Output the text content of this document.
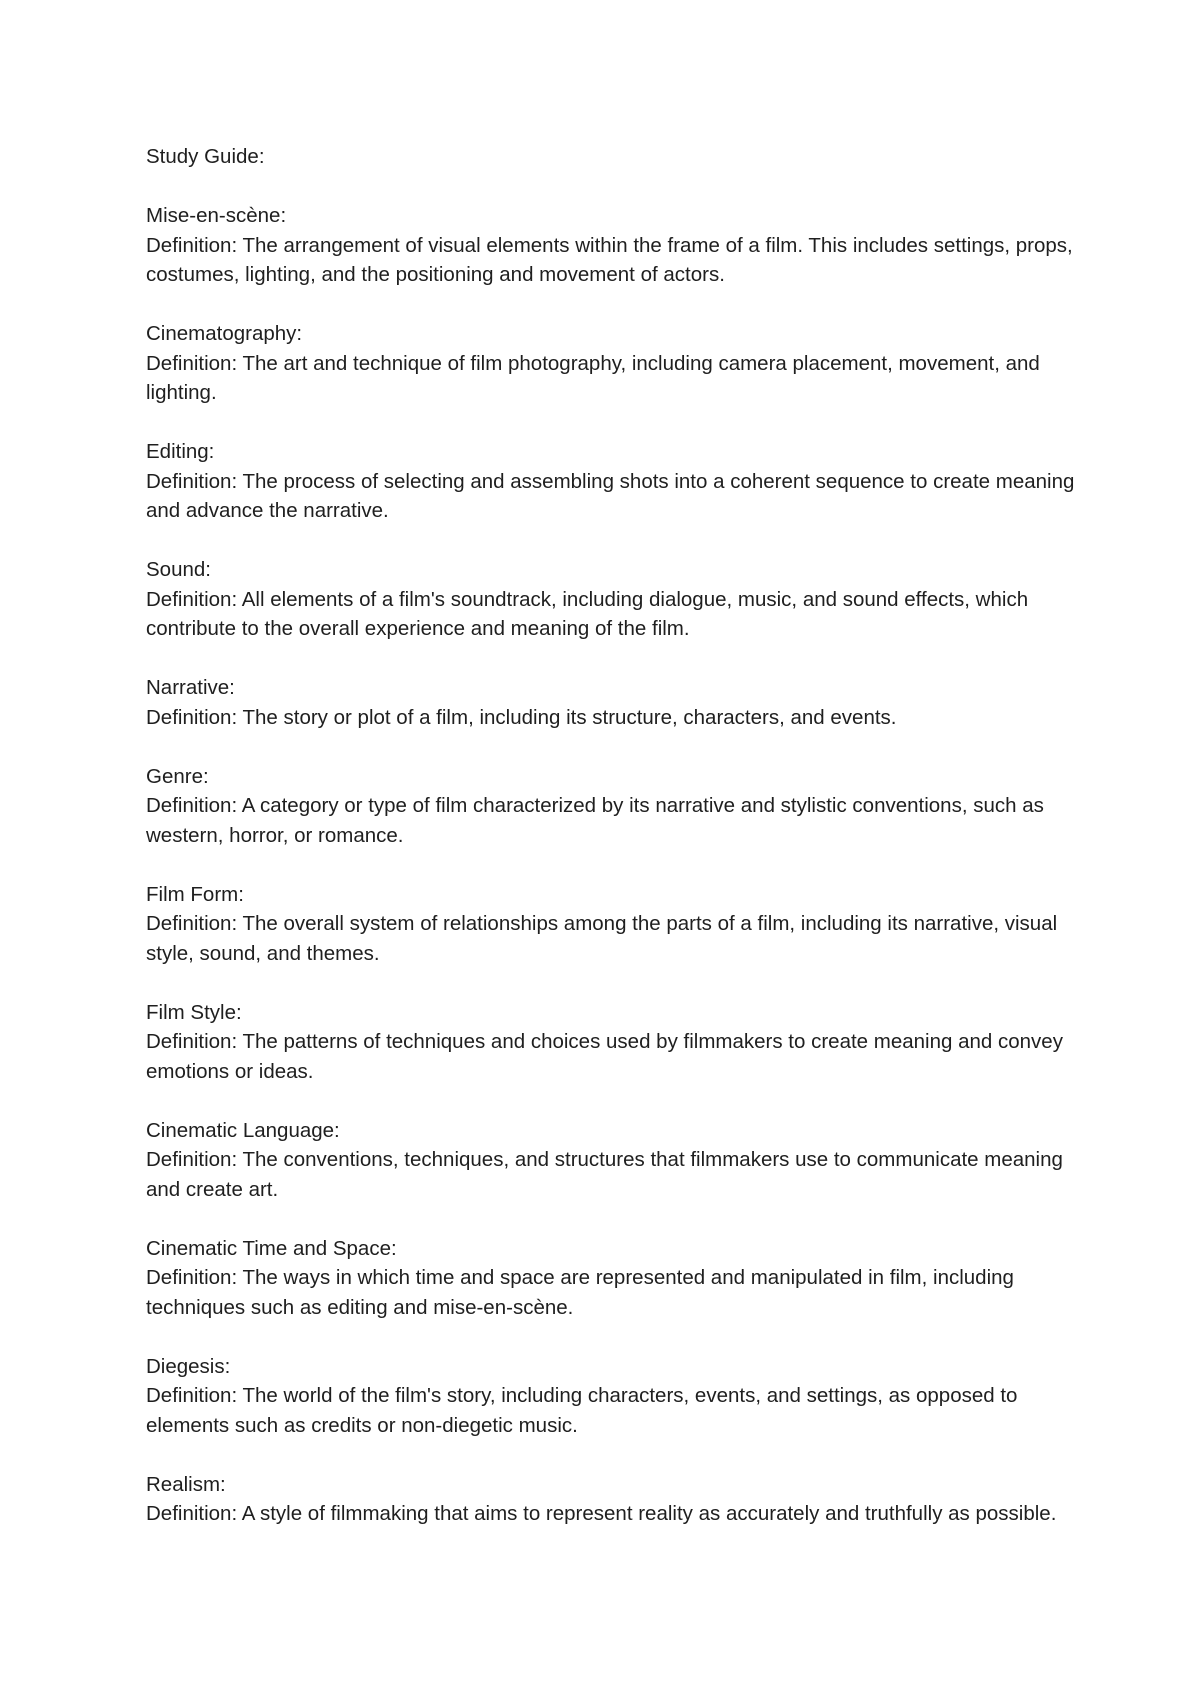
Study Guide:

Mise-en-scène:
Definition: The arrangement of visual elements within the frame of a film. This includes settings, props, costumes, lighting, and the positioning and movement of actors.
Cinematography:
Definition: The art and technique of film photography, including camera placement, movement, and lighting.
Editing:
Definition: The process of selecting and assembling shots into a coherent sequence to create meaning and advance the narrative.
Sound:
Definition: All elements of a film's soundtrack, including dialogue, music, and sound effects, which contribute to the overall experience and meaning of the film.
Narrative:
Definition: The story or plot of a film, including its structure, characters, and events.
Genre:
Definition: A category or type of film characterized by its narrative and stylistic conventions, such as western, horror, or romance.
Film Form:
Definition: The overall system of relationships among the parts of a film, including its narrative, visual style, sound, and themes.
Film Style:
Definition: The patterns of techniques and choices used by filmmakers to create meaning and convey emotions or ideas.
Cinematic Language:
Definition: The conventions, techniques, and structures that filmmakers use to communicate meaning and create art.
Cinematic Time and Space:
Definition: The ways in which time and space are represented and manipulated in film, including techniques such as editing and mise-en-scène.
Diegesis:
Definition: The world of the film's story, including characters, events, and settings, as opposed to elements such as credits or non-diegetic music.
Realism:
Definition: A style of filmmaking that aims to represent reality as accurately and truthfully as possible.
